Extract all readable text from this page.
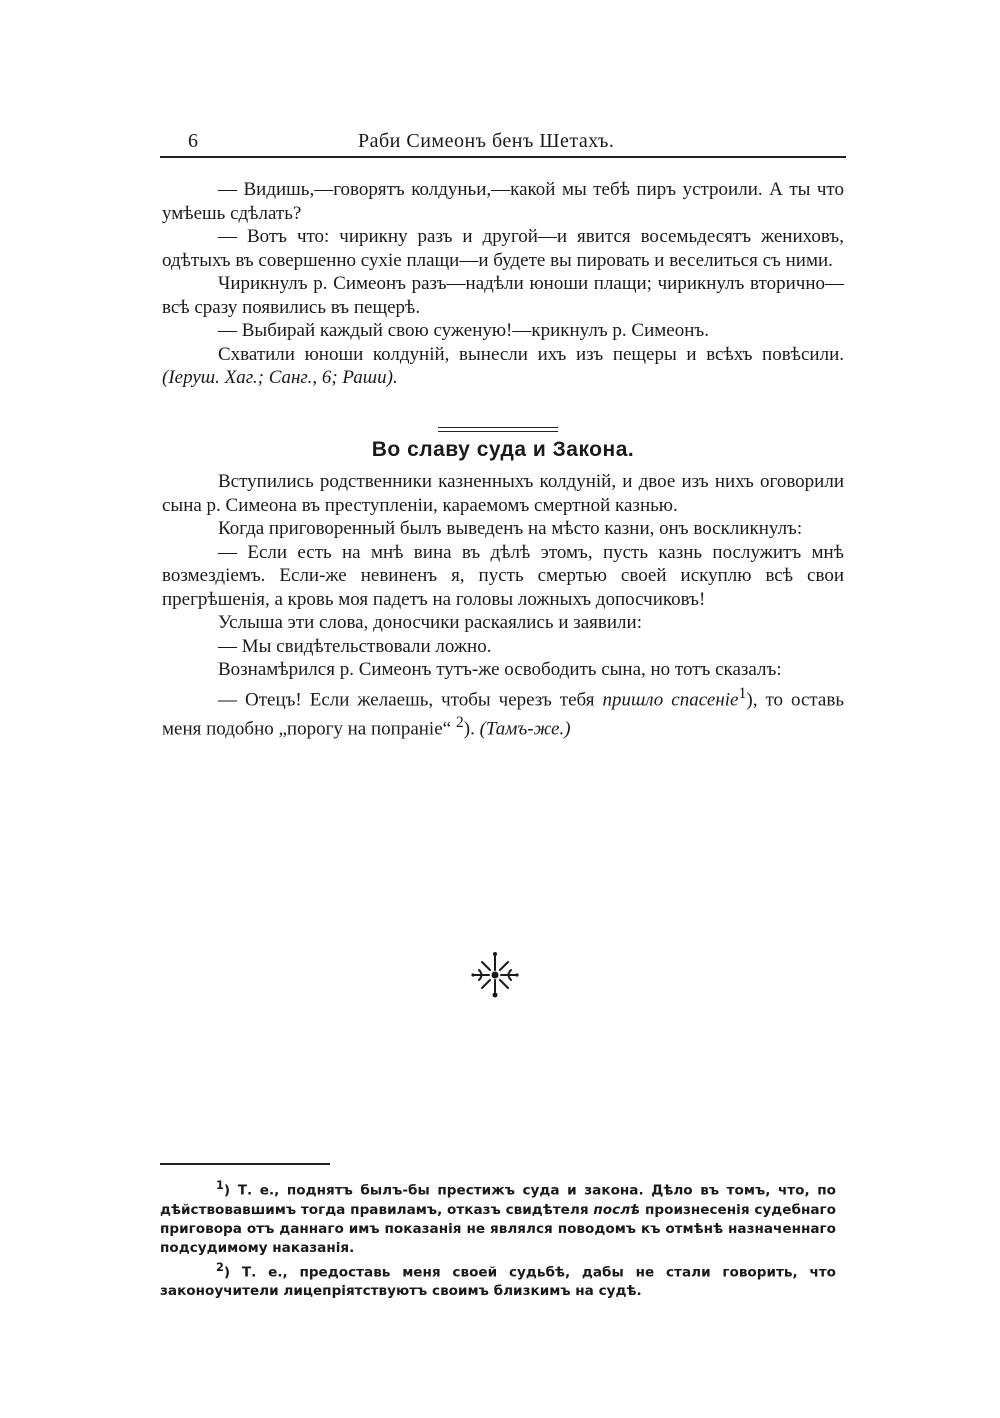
6	Раби Симеонъ бенъ Шетахъ.

— Видишь,—говорятъ колдуньи,—какой мы тебѣ пиръ устроили. А ты что умѣешь сдѣлать?

— Вотъ что: чирикну разъ и другой—и явится восемьдесятъ жениховъ, одѣтыхъ въ совершенно сухіе плащи—и будете вы пировать и веселиться съ ними.

Чирикнулъ р. Симеонъ разъ—надѣли юноши плащи; чирикнулъ вторично—всѣ сразу появились въ пещерѣ.

— Выбирай каждый свою суженую!—крикнулъ р. Симеонъ.

Схватили юноши колдуній, вынесли ихъ изъ пещеры и всѣхъ повѣсили. (Іеруш. Хаг.; Санг., 6; Раши).

Во славу суда и Закона.

Вступились родственники казненныхъ колдуній, и двое изъ нихъ оговорили сына р. Симеона въ преступленіи, караемомъ смертной казнью.

Когда приговоренный былъ выведенъ на мѣсто казни, онъ воскликнулъ:

— Если есть на мнѣ вина въ дѣлѣ этомъ, пусть казнь послужитъ мнѣ возмездіемъ. Если-же невиненъ я, пусть смертью своей искуплю всѣ свои прегрѣшенія, а кровь моя падетъ на головы ложныхъ допосчиковъ!

Услыша эти слова, доносчики раскаялись и заявили:

— Мы свидѣтельствовали ложно.

Вознамѣрился р. Симеонъ тутъ-же освободить сына, но тотъ сказалъ:

— Отецъ! Если желаешь, чтобы черезъ тебя пришло спасеніе$^1$), то оставь меня подобно „порогу на попраніе“ $^2$). (Тамъ-же.)

$^1$) Т. е., поднятъ былъ-бы престижъ суда и закона. Дѣло въ томъ, что, по дѣйствовавшимъ тогда правиламъ, отказъ свидѣтеля послѣ произнесенія судебнаго приговора отъ даннаго имъ показанія не являлся поводомъ къ отмѣнѣ назначеннаго подсудимому наказанія.

$^2$) Т. е., предоставь меня своей судьбѣ, дабы не стали говорить, что законоучители лицепріятствуютъ своимъ близкимъ на судѣ.
